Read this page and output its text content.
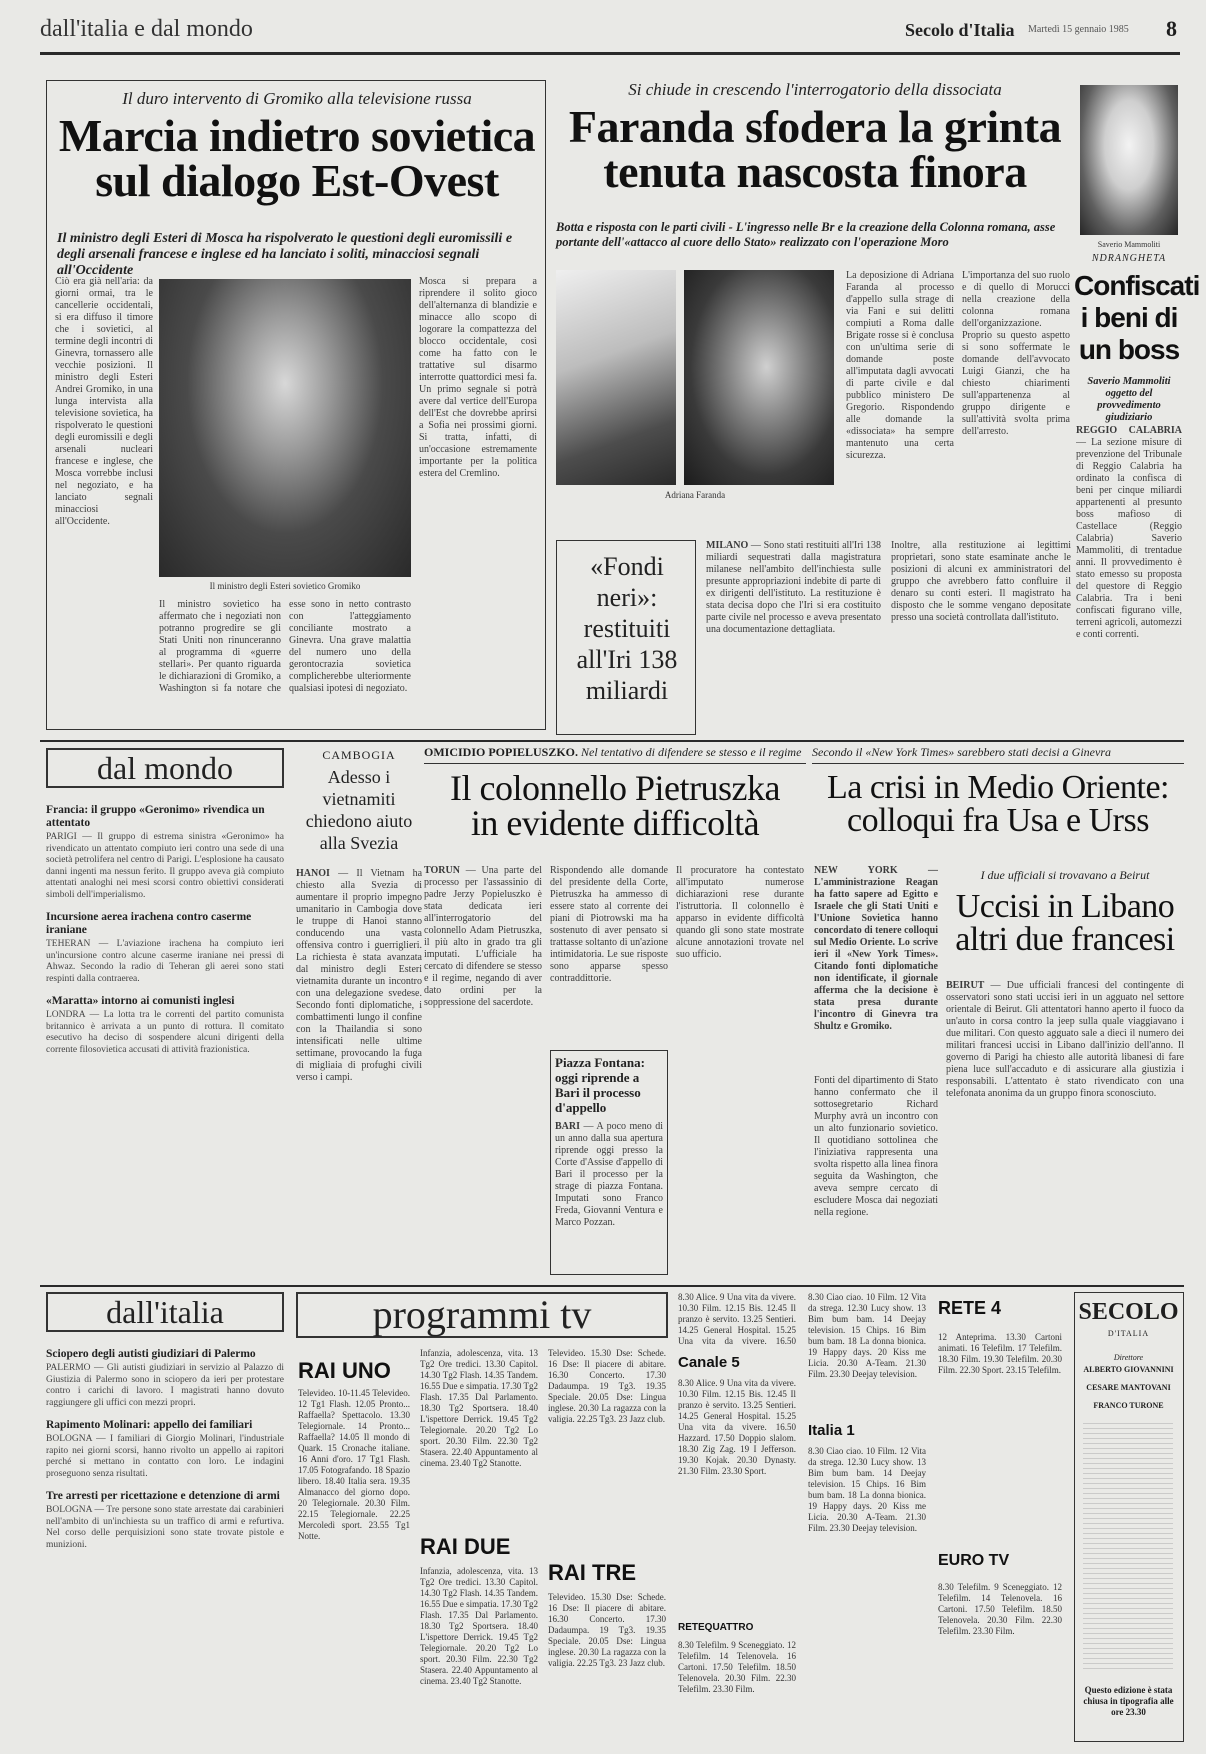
dall'italia e dal mondo	Secolo d'Italia Martedì 15 gennaio 1985 8
Il duro intervento di Gromiko alla televisione russa
Marcia indietro sovietica
sul dialogo Est-Ovest
Il ministro degli Esteri di Mosca ha rispolverato le questioni degli euromissili e degli arsenali francese e inglese ed ha lanciato i soliti, minacciosi segnali all'Occidente
Ciò era già nell'aria: da giorni ormai, tra le cancellerie occidentali, si era diffuso il timore che i sovietici, al termine degli incontri di Ginevra, tornassero alle vecchie posizioni. Il ministro degli Esteri Andrei Gromiko, in una lunga intervista alla televisione sovietica, ha rispolverato le questioni degli euromissili e degli arsenali nucleari francese e inglese, che Mosca vorrebbe inclusi nel negoziato, e ha lanciato segnali minacciosi all'Occidente.
Il ministro degli Esteri sovietico Gromiko
Mosca si prepara a riprendere il solito gioco dell'alternanza di blandizie e minacce allo scopo di logorare la compattezza del blocco occidentale, così come ha fatto con le trattative sul disarmo interrotte quattordici mesi fa. Un primo segnale si potrà avere dal vertice dell'Europa dell'Est che dovrebbe aprirsi a Sofia nei prossimi giorni. Si tratta, infatti, di un'occasione estremamente importante per la politica estera del Cremlino.
Il ministro sovietico ha affermato che i negoziati non potranno progredire se gli Stati Uniti non rinunceranno al programma di «guerre stellari». Per quanto riguarda le dichiarazioni di Gromiko, a Washington si fa notare che esse sono in netto contrasto con l'atteggiamento conciliante mostrato a Ginevra. Una grave malattia del numero uno della gerontocrazia sovietica complicherebbe ulteriormente qualsiasi ipotesi di negoziato.
Si chiude in crescendo l'interrogatorio della dissociata
Faranda sfodera la grinta
tenuta nascosta finora
Botta e risposta con le parti civili - L'ingresso nelle Br e la creazione della Colonna romana, asse portante dell'«attacco al cuore dello Stato» realizzato con l'operazione Moro
Adriana Faranda
La deposizione di Adriana Faranda al processo d'appello sulla strage di via Fani e sui delitti compiuti a Roma dalle Brigate rosse si è conclusa con un'ultima serie di domande poste all'imputata dagli avvocati di parte civile e dal pubblico ministero De Gregorio. Rispondendo alle domande la «dissociata» ha sempre mantenuto una certa sicurezza.
L'importanza del suo ruolo e di quello di Morucci nella creazione della colonna romana dell'organizzazione. Proprio su questo aspetto si sono soffermate le domande dell'avvocato Luigi Gianzi, che ha chiesto chiarimenti sull'appartenenza al gruppo dirigente e sull'attività svolta prima dell'arresto.
«Fondi neri»: restituiti all'Iri 138 miliardi
MILANO — Sono stati restituiti all'Iri 138 miliardi sequestrati dalla magistratura milanese nell'ambito dell'inchiesta sulle presunte appropriazioni indebite di parte di ex dirigenti dell'istituto. La restituzione è stata decisa dopo che l'Iri si era costituito parte civile nel processo e aveva presentato una documentazione dettagliata.
Inoltre, alla restituzione ai legittimi proprietari, sono state esaminate anche le posizioni di alcuni ex amministratori del gruppo che avrebbero fatto confluire il denaro su conti esteri. Il magistrato ha disposto che le somme vengano depositate presso una società controllata dall'istituto.
Saverio Mammoliti
NDRANGHETA
Confiscati i beni di un boss
Saverio Mammoliti oggetto del provvedimento giudiziario
REGGIO CALABRIA — La sezione misure di prevenzione del Tribunale di Reggio Calabria ha ordinato la confisca di beni per cinque miliardi appartenenti al presunto boss mafioso di Castellace (Reggio Calabria) Saverio Mammoliti, di trentadue anni. Il provvedimento è stato emesso su proposta del questore di Reggio Calabria. Tra i beni confiscati figurano ville, terreni agricoli, automezzi e conti correnti.
dal mondo
Francia: il gruppo «Geronimo» rivendica un attentato

PARIGI — Il gruppo di estrema sinistra «Geronimo» ha rivendicato un attentato compiuto ieri contro una sede di una società petrolifera nel centro di Parigi. L'esplosione ha causato danni ingenti ma nessun ferito. Il gruppo aveva già compiuto attentati analoghi nei mesi scorsi contro obiettivi considerati simboli dell'imperialismo.

Incursione aerea irachena contro caserme iraniane

TEHERAN — L'aviazione irachena ha compiuto ieri un'incursione contro alcune caserme iraniane nei pressi di Ahwaz. Secondo la radio di Teheran gli aerei sono stati respinti dalla contraerea.

«Maratta» intorno ai comunisti inglesi

LONDRA — La lotta tra le correnti del partito comunista britannico è arrivata a un punto di rottura. Il comitato esecutivo ha deciso di sospendere alcuni dirigenti della corrente filosovietica accusati di attività frazionistica.

CAMBOGIA
Adesso i vietnamiti chiedono aiuto alla Svezia
HANOI — Il Vietnam ha chiesto alla Svezia di aumentare il proprio impegno umanitario in Cambogia dove le truppe di Hanoi stanno conducendo una vasta offensiva contro i guerriglieri. La richiesta è stata avanzata dal ministro degli Esteri vietnamita durante un incontro con una delegazione svedese. Secondo fonti diplomatiche, i combattimenti lungo il confine con la Thailandia si sono intensificati nelle ultime settimane, provocando la fuga di migliaia di profughi civili verso i campi.
OMICIDIO POPIELUSZKO. Nel tentativo di difendere se stesso e il regime
Il colonnello Pietruszka
in evidente difficoltà
TORUN — Una parte del processo per l'assassinio di padre Jerzy Popieluszko è stata dedicata ieri all'interrogatorio del colonnello Adam Pietruszka, il più alto in grado tra gli imputati. L'ufficiale ha cercato di difendere se stesso e il regime, negando di aver dato ordini per la soppressione del sacerdote.
Rispondendo alle domande del presidente della Corte, Pietruszka ha ammesso di essere stato al corrente dei piani di Piotrowski ma ha sostenuto di aver pensato si trattasse soltanto di un'azione intimidatoria. Le sue risposte sono apparse spesso contraddittorie.
Piazza Fontana: oggi riprende a Bari il processo d'appello
BARI — A poco meno di un anno dalla sua apertura riprende oggi presso la Corte d'Assise d'appello di Bari il processo per la strage di piazza Fontana. Imputati sono Franco Freda, Giovanni Ventura e Marco Pozzan.
Il procuratore ha contestato all'imputato numerose dichiarazioni rese durante l'istruttoria. Il colonnello è apparso in evidente difficoltà quando gli sono state mostrate alcune annotazioni trovate nel suo ufficio.
Secondo il «New York Times» sarebbero stati decisi a Ginevra
La crisi in Medio Oriente:
colloqui fra Usa e Urss
NEW YORK	— L'amministrazione Reagan ha fatto sapere ad Egitto e Israele che gli Stati Uniti e l'Unione Sovietica hanno concordato di tenere colloqui sul Medio Oriente. Lo scrive ieri il «New York Times». Citando fonti diplomatiche non identificate, il giornale afferma che la decisione è stata presa durante l'incontro di Ginevra tra Shultz e Gromiko.
Fonti del dipartimento di Stato hanno confermato che il sottosegretario Richard Murphy avrà un incontro con un alto funzionario sovietico. Il quotidiano sottolinea che l'iniziativa rappresenta una svolta rispetto alla linea finora seguita da Washington, che aveva sempre cercato di escludere Mosca dai negoziati nella regione.
I due ufficiali si trovavano a Beirut
Uccisi in Libano
altri due francesi
BEIRUT — Due ufficiali francesi del contingente di osservatori sono stati uccisi ieri in un agguato nel settore orientale di Beirut. Gli attentatori hanno aperto il fuoco da un'auto in corsa contro la jeep sulla quale viaggiavano i due militari. Con questo agguato sale a dieci il numero dei militari francesi uccisi in Libano dall'inizio dell'anno. Il governo di Parigi ha chiesto alle autorità libanesi di fare piena luce sull'accaduto e di assicurare alla giustizia i responsabili. L'attentato è stato rivendicato con una telefonata anonima da un gruppo finora sconosciuto.
dall'italia
Sciopero degli autisti giudiziari di Palermo

PALERMO — Gli autisti giudiziari in servizio al Palazzo di Giustizia di Palermo sono in sciopero da ieri per protestare contro i carichi di lavoro. I magistrati hanno dovuto raggiungere gli uffici con mezzi propri.

Rapimento Molinari: appello dei familiari

BOLOGNA — I familiari di Giorgio Molinari, l'industriale rapito nei giorni scorsi, hanno rivolto un appello ai rapitori perché si mettano in contatto con loro. Le indagini proseguono senza risultati.

Tre arresti per ricettazione e detenzione di armi

BOLOGNA — Tre persone sono state arrestate dai carabinieri nell'ambito di un'inchiesta su un traffico di armi e refurtiva. Nel corso delle perquisizioni sono state trovate pistole e munizioni.

programmi tv
RAI UNO
Televideo. 10-11.45 Televideo. 12 Tg1 Flash. 12.05 Pronto... Raffaella? Spettacolo. 13.30 Telegiornale. 14 Pronto... Raffaella? 14.05 Il mondo di Quark. 15 Cronache italiane. 16 Anni d'oro. 17 Tg1 Flash. 17.05 Fotografando. 18 Spazio libero. 18.40 Italia sera. 19.35 Almanacco del giorno dopo. 20 Telegiornale. 20.30 Film. 22.15 Telegiornale. 22.25 Mercoledì sport. 23.55 Tg1 Notte.
Infanzia, adolescenza, vita. 13 Tg2 Ore tredici. 13.30 Capitol. 14.30 Tg2 Flash. 14.35 Tandem. 16.55 Due e simpatia. 17.30 Tg2 Flash. 17.35 Dal Parlamento. 18.30 Tg2 Sportsera. 18.40 L'ispettore Derrick. 19.45 Tg2 Telegiornale. 20.20 Tg2 Lo sport. 20.30 Film. 22.30 Tg2 Stasera. 22.40 Appuntamento al cinema. 23.40 Tg2 Stanotte.
RAI DUE
Infanzia, adolescenza, vita. 13 Tg2 Ore tredici. 13.30 Capitol. 14.30 Tg2 Flash. 14.35 Tandem. 16.55 Due e simpatia. 17.30 Tg2 Flash. 17.35 Dal Parlamento. 18.30 Tg2 Sportsera. 18.40 L'ispettore Derrick. 19.45 Tg2 Telegiornale. 20.20 Tg2 Lo sport. 20.30 Film. 22.30 Tg2 Stasera. 22.40 Appuntamento al cinema. 23.40 Tg2 Stanotte.
Televideo. 15.30 Dse: Schede. 16 Dse: Il piacere di abitare. 16.30 Concerto. 17.30 Dadaumpa. 19 Tg3. 19.35 Speciale. 20.05 Dse: Lingua inglese. 20.30 La ragazza con la valigia. 22.25 Tg3. 23 Jazz club.
RAI TRE
Televideo. 15.30 Dse: Schede. 16 Dse: Il piacere di abitare. 16.30 Concerto. 17.30 Dadaumpa. 19 Tg3. 19.35 Speciale. 20.05 Dse: Lingua inglese. 20.30 La ragazza con la valigia. 22.25 Tg3. 23 Jazz club.
8.30 Alice. 9 Una vita da vivere. 10.30 Film. 12.15 Bis. 12.45 Il pranzo è servito. 13.25 Sentieri. 14.25 General Hospital. 15.25 Una vita da vivere. 16.50
Canale 5
8.30 Alice. 9 Una vita da vivere. 10.30 Film. 12.15 Bis. 12.45 Il pranzo è servito. 13.25 Sentieri. 14.25 General Hospital. 15.25 Una vita da vivere. 16.50 Hazzard. 17.50 Doppio slalom. 18.30 Zig Zag. 19 I Jefferson. 19.30 Kojak. 20.30 Dynasty. 21.30 Film. 23.30 Sport.
RETEQUATTRO
8.30 Telefilm. 9 Sceneggiato. 12 Telefilm. 14 Telenovela. 16 Cartoni. 17.50 Telefilm. 18.50 Telenovela. 20.30 Film. 22.30 Telefilm. 23.30 Film.
8.30 Ciao ciao. 10 Film. 12 Vita da strega. 12.30 Lucy show. 13 Bim bum bam. 14 Deejay television. 15 Chips. 16 Bim bum bam. 18 La donna bionica. 19 Happy days. 20 Kiss me Licia. 20.30 A-Team. 21.30 Film. 23.30 Deejay television.
Italia 1
8.30 Ciao ciao. 10 Film. 12 Vita da strega. 12.30 Lucy show. 13 Bim bum bam. 14 Deejay television. 15 Chips. 16 Bim bum bam. 18 La donna bionica. 19 Happy days. 20 Kiss me Licia. 20.30 A-Team. 21.30 Film. 23.30 Deejay television.
RETE 4
12 Anteprima. 13.30 Cartoni animati. 16 Telefilm. 17 Telefilm. 18.30 Film. 19.30 Telefilm. 20.30 Film. 22.30 Sport. 23.15 Telefilm.
EURO TV
8.30 Telefilm. 9 Sceneggiato. 12 Telefilm. 14 Telenovela. 16 Cartoni. 17.50 Telefilm. 18.50 Telenovela. 20.30 Film. 22.30 Telefilm. 23.30 Film.
SECOLO
D'ITALIA
Direttore
ALBERTO GIOVANNINI
CESARE MANTOVANI
FRANCO TURONE
Questo edizione è stata chiusa in tipografia alle ore 23.30
